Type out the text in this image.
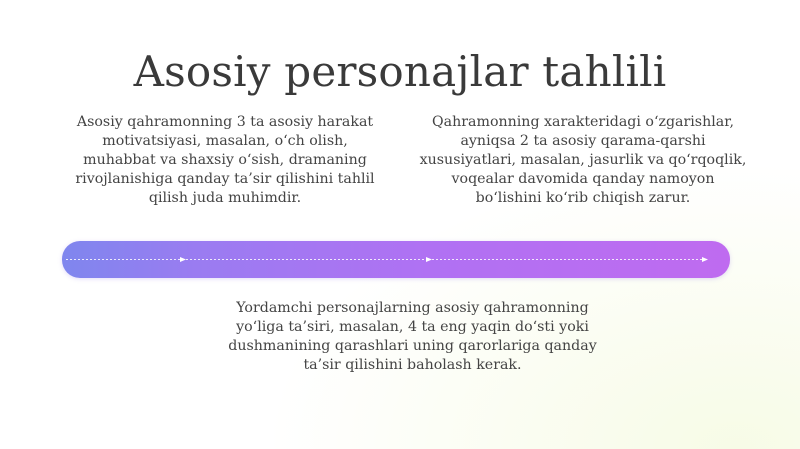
Asosiy personajlar tahlili
Asosiy qahramonning 3 ta asosiy harakat motivatsiyasi, masalan, o‘ch olish, muhabbat va shaxsiy o‘sish, dramaning rivojlanishiga qanday ta’sir qilishini tahlil qilish juda muhimdir.
Qahramonning xarakteridagi o‘zgarishlar, ayniqsa 2 ta asosiy qarama-qarshi xususiyatlari, masalan, jasurlik va qo‘rqoqlik, voqealar davomida qanday namoyon bo‘lishini ko‘rib chiqish zarur.
Yordamchi personajlarning asosiy qahramonning yo‘liga ta’siri, masalan, 4 ta eng yaqin do‘sti yoki dushmanining qarashlari uning qarorlariga qanday ta’sir qilishini baholash kerak.
